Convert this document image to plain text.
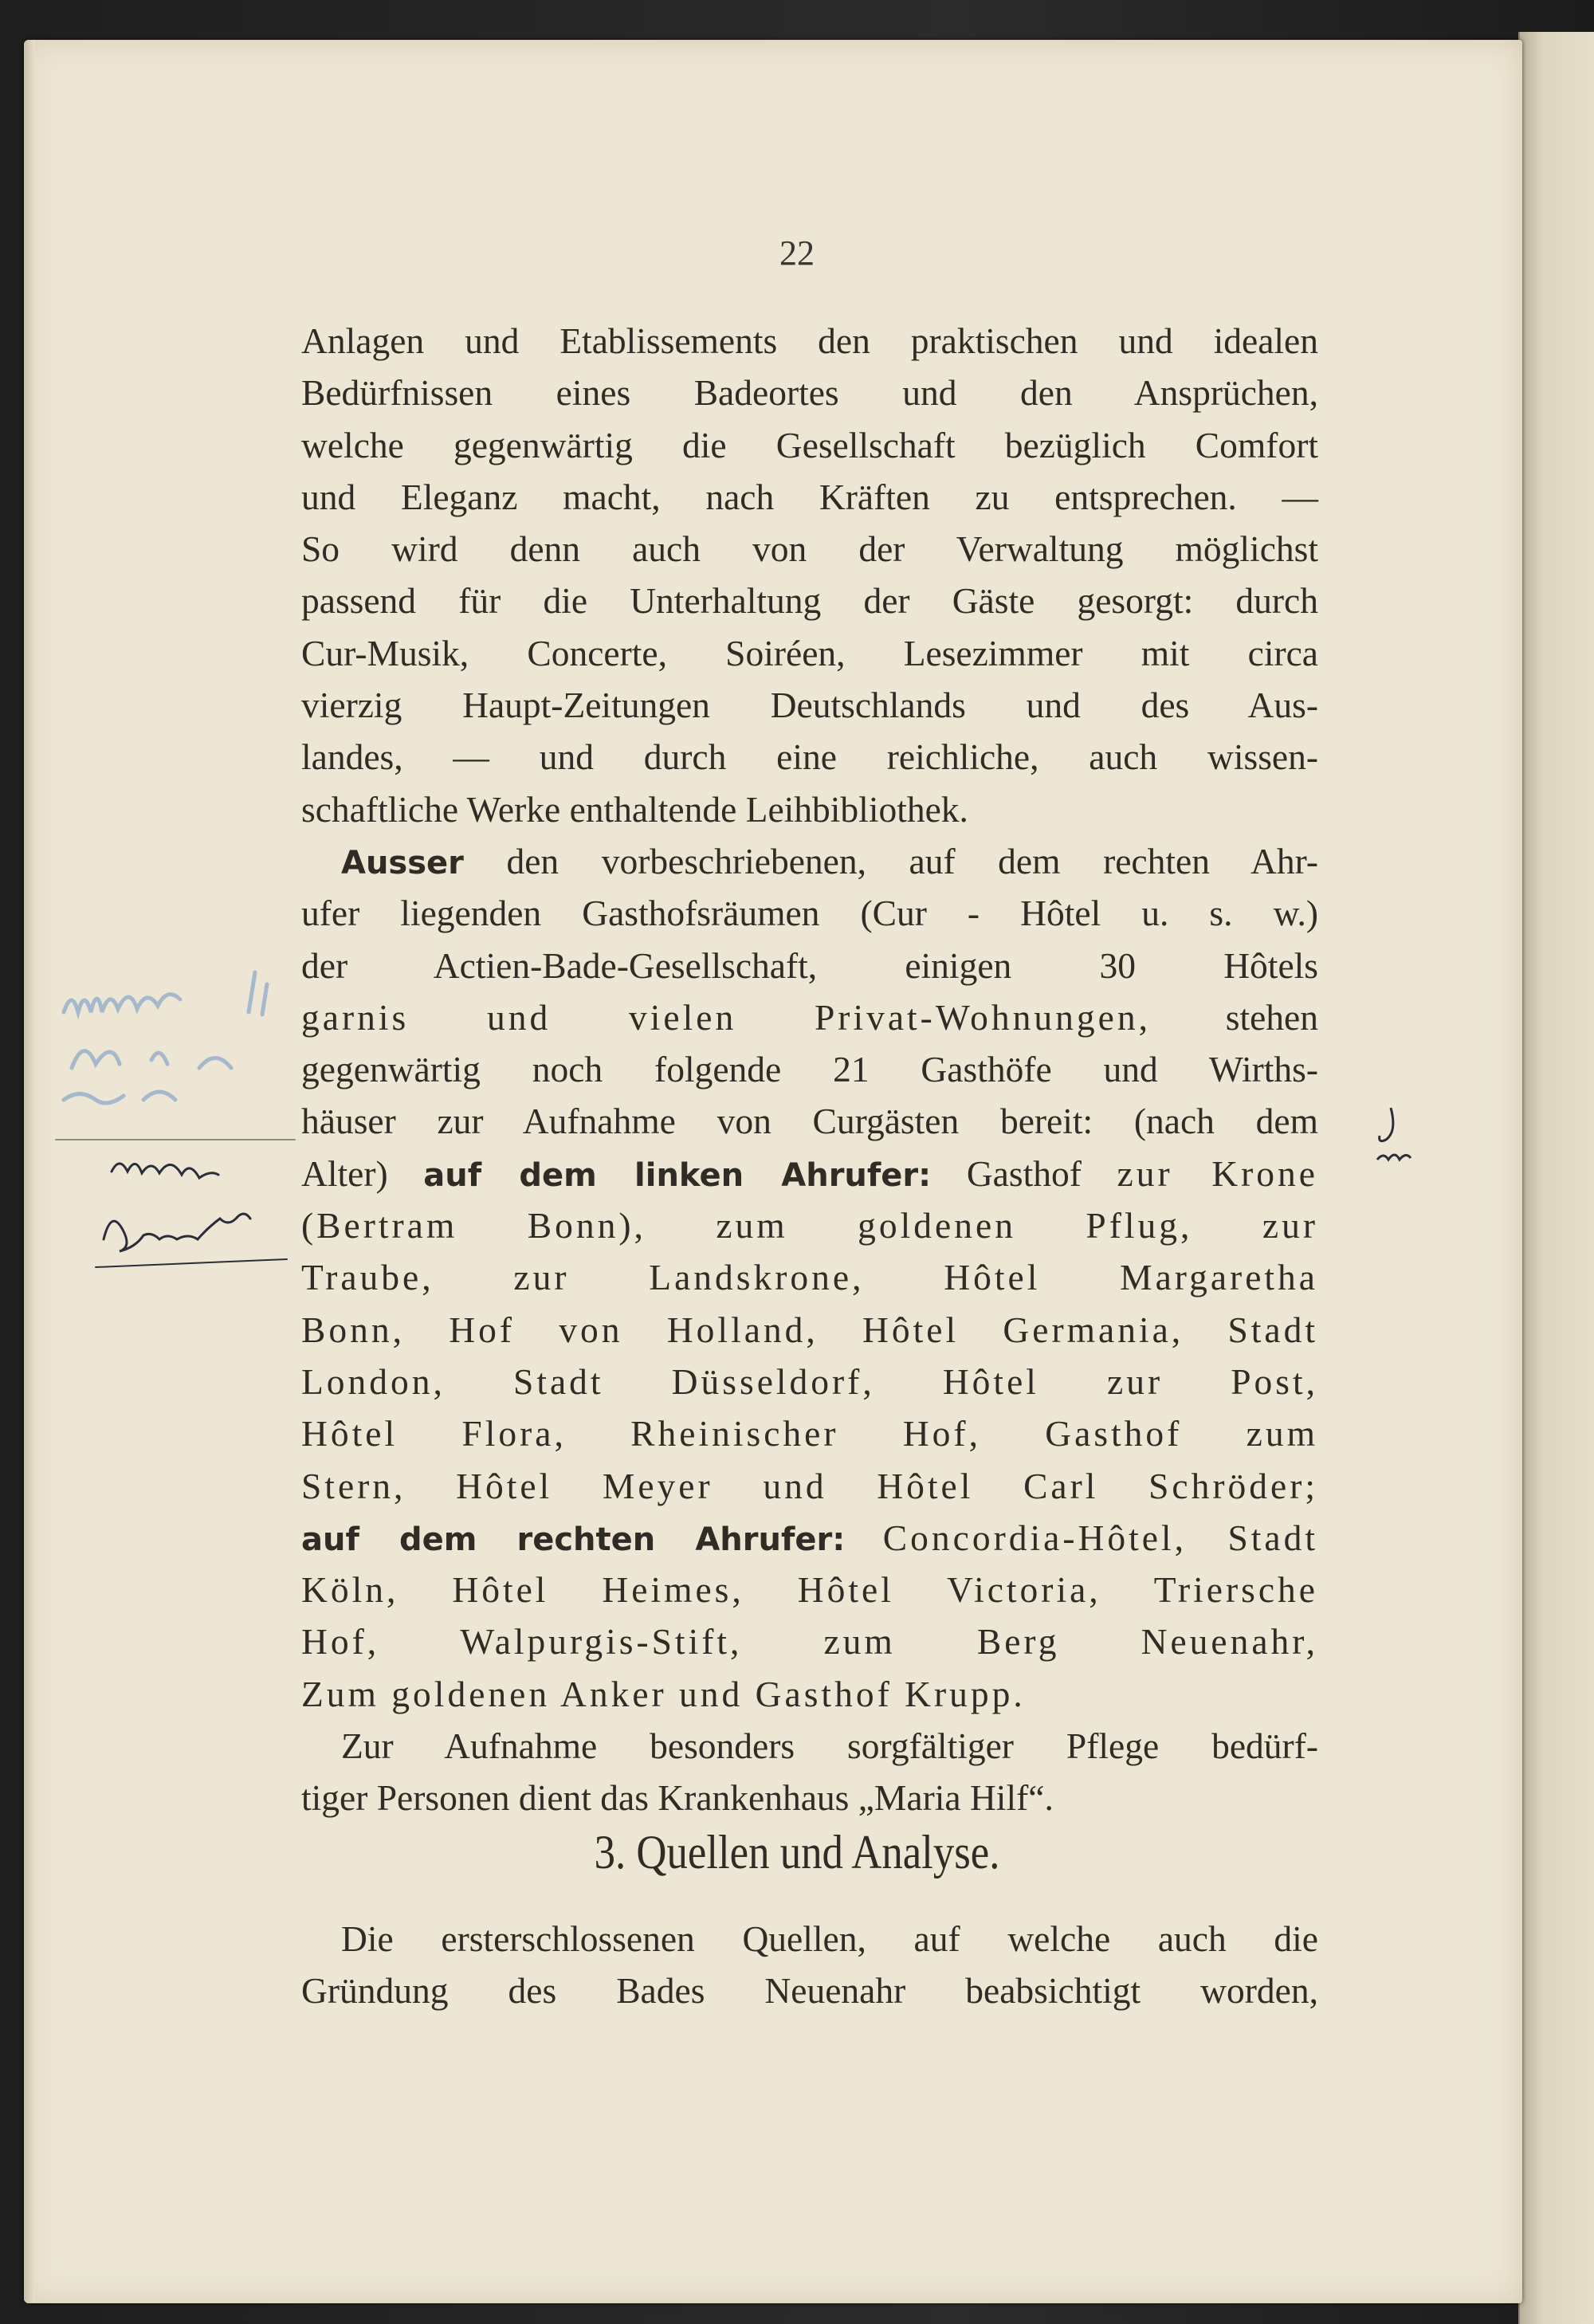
22
Anlagen und Etablissements den praktischen und idealen
Bedürfnissen eines Badeortes und den Ansprüchen,
welche gegenwärtig die Gesellschaft bezüglich Comfort
und Eleganz macht, nach Kräften zu entsprechen. —
So wird denn auch von der Verwaltung möglichst
passend für die Unterhaltung der Gäste gesorgt: durch
Cur-Musik, Concerte, Soiréen, Lesezimmer mit circa
vierzig Haupt-Zeitungen Deutschlands und des Aus-
landes, — und durch eine reichliche, auch wissen-
schaftliche Werke enthaltende Leihbibliothek.
Ausser den vorbeschriebenen, auf dem rechten Ahr-
ufer liegenden Gasthofsräumen (Cur - Hôtel u. s. w.)
der Actien-Bade-Gesellschaft, einigen 30 Hôtels
garnis und vielen Privat-Wohnungen, stehen
gegenwärtig noch folgende 21 Gasthöfe und Wirths-
häuser zur Aufnahme von Curgästen bereit: (nach dem
Alter) auf dem linken Ahrufer: Gasthof zur Krone
(Bertram Bonn), zum goldenen Pflug, zur
Traube, zur Landskrone, Hôtel Margaretha
Bonn, Hof von Holland, Hôtel Germania, Stadt
London, Stadt Düsseldorf, Hôtel zur Post,
Hôtel Flora, Rheinischer Hof, Gasthof zum
Stern, Hôtel Meyer und Hôtel Carl Schröder;
auf dem rechten Ahrufer: Concordia-Hôtel, Stadt
Köln, Hôtel Heimes, Hôtel Victoria, Triersche
Hof, Walpurgis-Stift, zum Berg Neuenahr,
Zum goldenen Anker und Gasthof Krupp.
Zur Aufnahme besonders sorgfältiger Pflege bedürf-
tiger Personen dient das Krankenhaus „Maria Hilf“.
3. Quellen und Analyse.
Die ersterschlossenen Quellen, auf welche auch die
Gründung des Bades Neuenahr beabsichtigt worden,
